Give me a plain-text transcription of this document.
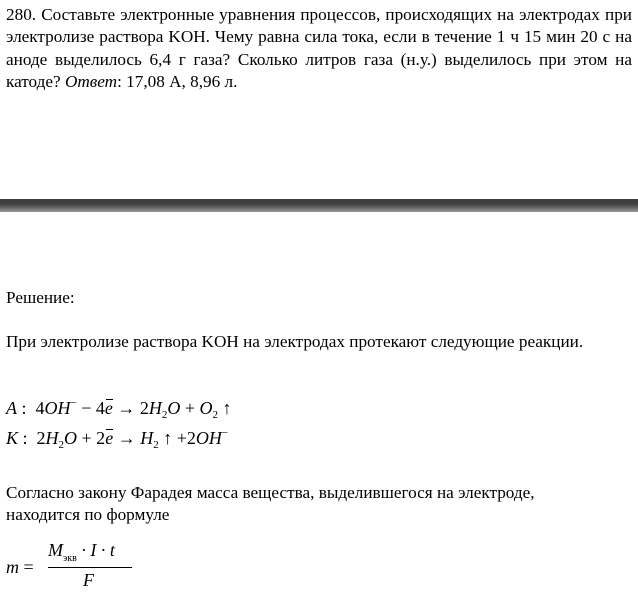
280. Составьте электронные уравнения процессов, происходящих на электродах при электролизе раствора KOH. Чему равна сила тока, если в течение 1 ч 15 мин 20 с на аноде выделилось 6,4 г газа? Сколько литров газа (н.у.) выделилось при этом на катоде? Ответ: 17,08 А, 8,96 л.
Решение:
При электролизе раствора KOH на электродах протекают следующие реакции.
A :  $4OH^- - 4e \to 2H_2O + O_2$ ↑
K :  $2H_2O + 2e \to H_2$ ↑ +2OH−
Согласно закону Фарадея масса вещества, выделившегося на электроде, находится по формуле
m =
$M_{экв} \cdot I \cdot t$
F
